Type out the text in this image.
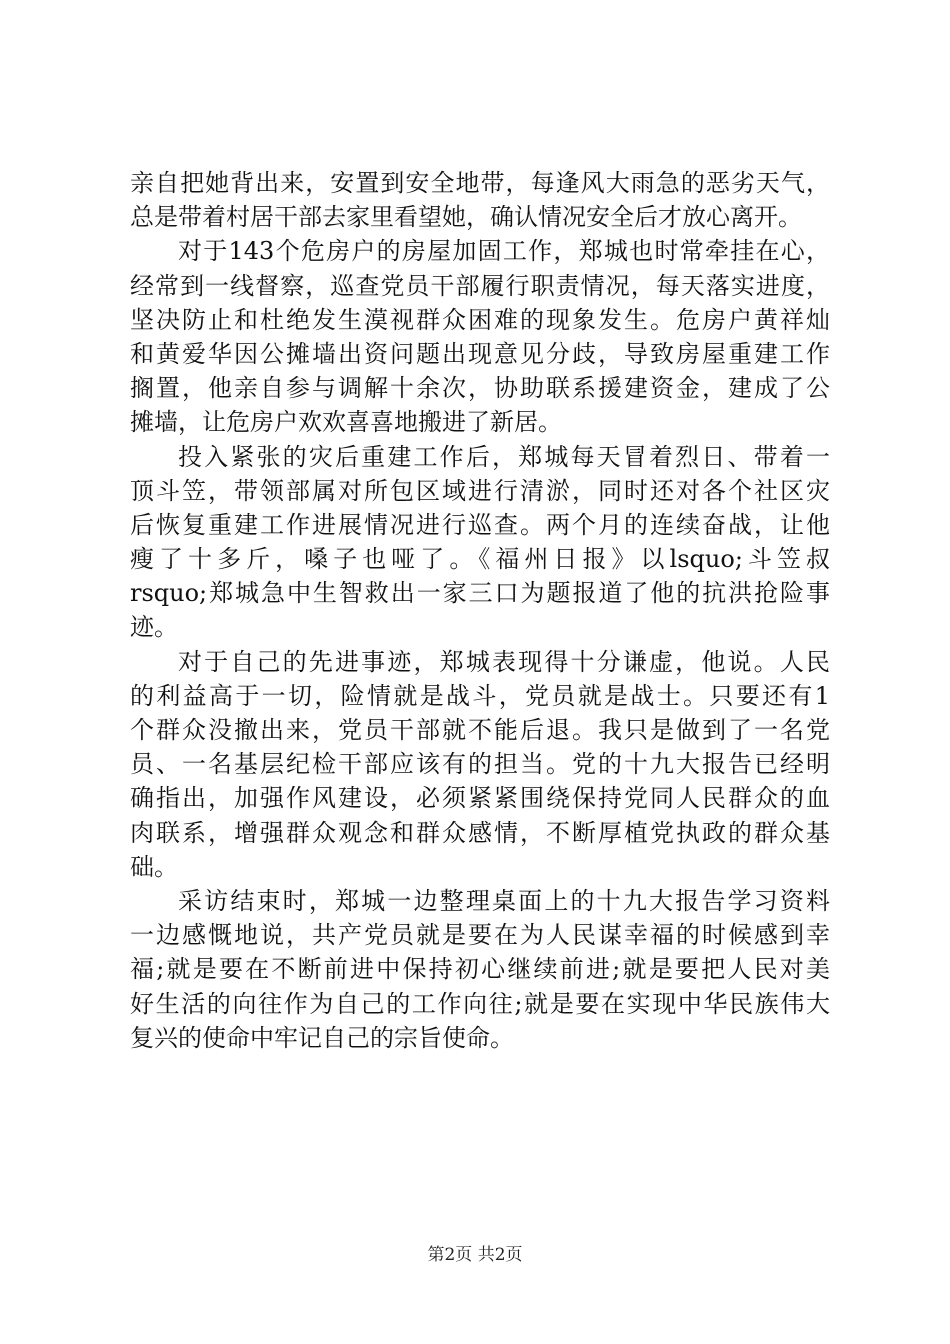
亲自把她背出来，安置到安全地带，每逢风大雨急的恶劣天气，
总是带着村居干部去家里看望她，确认情况安全后才放心离开。
对于143个危房户的房屋加固工作，郑城也时常牵挂在心，
经常到一线督察，巡查党员干部履行职责情况，每天落实进度，
坚决防止和杜绝发生漠视群众困难的现象发生。危房户黄祥灿
和黄爱华因公摊墙出资问题出现意见分歧，导致房屋重建工作
搁置，他亲自参与调解十余次，协助联系援建资金，建成了公
摊墙，让危房户欢欢喜喜地搬进了新居。
投入紧张的灾后重建工作后，郑城每天冒着烈日、带着一
顶斗笠，带领部属对所包区域进行清淤，同时还对各个社区灾
后恢复重建工作进展情况进行巡查。两个月的连续奋战，让他
瘦了十多斤，嗓子也哑了。《福州日报》以lsquo;斗笠叔
rsquo;郑城急中生智救出一家三口为题报道了他的抗洪抢险事
迹。
对于自己的先进事迹，郑城表现得十分谦虚，他说。人民
的利益高于一切，险情就是战斗，党员就是战士。只要还有1
个群众没撤出来，党员干部就不能后退。我只是做到了一名党
员、一名基层纪检干部应该有的担当。党的十九大报告已经明
确指出，加强作风建设，必须紧紧围绕保持党同人民群众的血
肉联系，增强群众观念和群众感情，不断厚植党执政的群众基
础。
采访结束时，郑城一边整理桌面上的十九大报告学习资料
一边感慨地说，共产党员就是要在为人民谋幸福的时候感到幸
福;就是要在不断前进中保持初心继续前进;就是要把人民对美
好生活的向往作为自己的工作向往;就是要在实现中华民族伟大
复兴的使命中牢记自己的宗旨使命。
第2页 共2页
